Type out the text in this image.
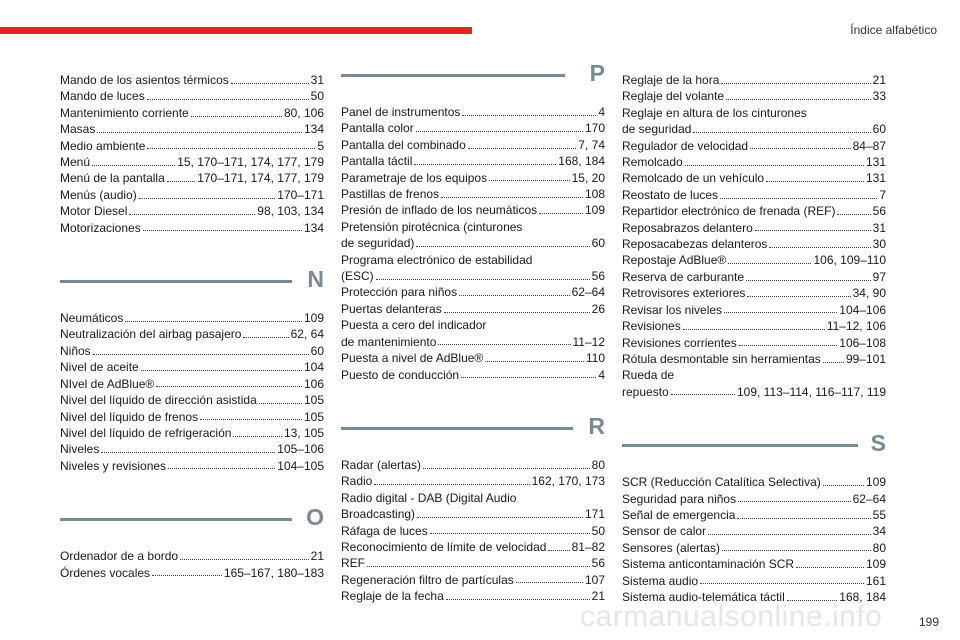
Índice alfabético
199
carmanualsonline.info
Mando de los asientos térmicos	31
Mando de luces	50
Mantenimiento corriente	80, 106
Masas	134
Medio ambiente	5
Menú	15, 170–171, 174, 177, 179
Menú de la pantalla	170–171, 174, 177, 179
Menús (audio)	170–171
Motor Diesel	98, 103, 134
Motorizaciones	134
N
Neumáticos	109
Neutralización del airbag pasajero	62, 64
Niños	60
Nivel de aceite	104
NIvel de AdBlue®	106
Nivel del líquido de dirección asistida	105
Nivel del líquido de frenos	105
Nivel del líquido de refrigeración	13, 105
Niveles	105–106
Niveles y revisiones	104–105
O
Ordenador de a bordo	21
Órdenes vocales	165–167, 180–183
P
Panel de instrumentos	4
Pantalla color	170
Pantalla del combinado	7, 74
Pantalla táctil	168, 184
Parametraje de los equipos	15, 20
Pastillas de frenos	108
Presión de inflado de los neumáticos	109
Pretensión pirotécnica (cinturones
de seguridad)	60
Programa electrónico de estabilidad
(ESC)	56
Protección para niños	62–64
Puertas delanteras	26
Puesta a cero del indicador
de mantenimiento	11–12
Puesta a nivel de AdBlue®	110
Puesto de conducción	4
R
Radar (alertas)	80
Radio	162, 170, 173
Radio digital - DAB (Digital Audio
Broadcasting)	171
Ráfaga de luces	50
Reconocimiento de límite de velocidad 81–82
REF	56
Regeneración filtro de partículas	107
Reglaje de la fecha	21
Reglaje de la hora	21
Reglaje del volante	33
Reglaje en altura de los cinturones
de seguridad	60
Regulador de velocidad	84–87
Remolcado	131
Remolcado de un vehículo	131
Reostato de luces	7
Repartidor electrónico de frenada (REF)	56
Reposabrazos delantero	31
Reposacabezas delanteros	30
Repostaje AdBlue®	106, 109–110
Reserva de carburante	97
Retrovisores exteriores	34, 90
Revisar los niveles	104–106
Revisiones	11–12, 106
Revisiones corrientes	106–108
Rótula desmontable sin herramientas 99–101
Rueda de
repuesto	109, 113–114, 116–117, 119
S
SCR (Reducción Catalítica Selectiva)	109
Seguridad para niños	62–64
Señal de emergencia	55
Sensor de calor	34
Sensores (alertas)	80
Sistema anticontaminación SCR	109
Sistema audio	161
Sistema audio-telemática táctil	168, 184
